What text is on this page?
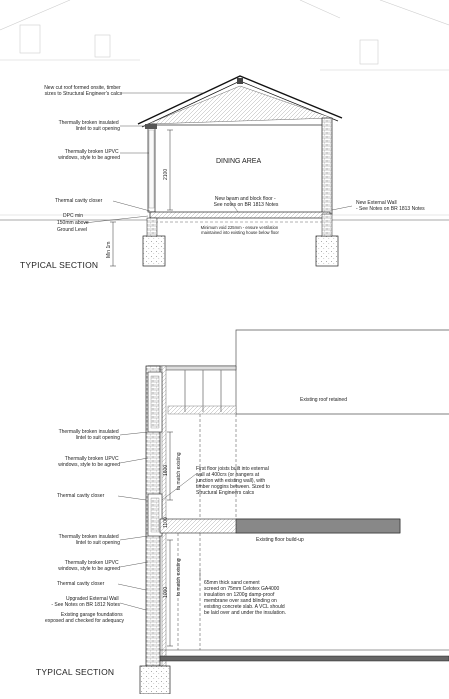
2100
Min 1m
DINING AREA
New cut roof formed onsite, timber sizes to Structural Engineer's calcs
Thermally broken insulated lintel to suit opening
Thermally broken UPVC windows, style to be agreed
Thermal cavity closer
DPC min 150mm above Ground Level
New beam and block floor - See notes on BR 1813 Notes	New External Wall - See Notes on BR 1813 Notes
Minimum void 225mm - ensure ventilation maintained into existing house below floor
TYPICAL SECTION
Existing roof retained
Existing floor build-up
1600 to match existing
1100
1000 to match existing
Thermally broken insulated lintel to suit opening
Thermally broken UPVC windows, style to be agreed
Thermal cavity closer
Thermally broken insulated lintel to suit opening
Thermally broken UPVC windows, style to be agreed
Thermal cavity closer
Upgraded External Wall - See Notes on BR 1812 Notes
Existing garage foundations exposed and checked for adequacy
First floor joists built into external wall at 400crs (or hangers at junction with existing wall), with timber noggins between. Sized to Structural Engineers calcs
65mm thick sand cement screed on 75mm Celotex GA4000 insulation on 1200g damp-proof membrane over sand blinding on existing concrete slab. A VCL should be laid over and under the insulation.
TYPICAL SECTION
